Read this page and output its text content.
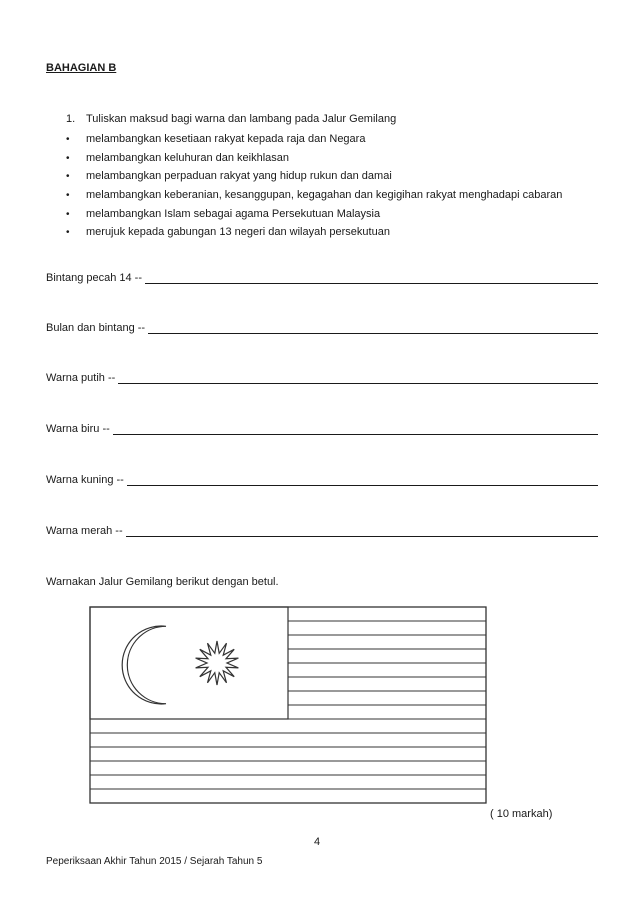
BAHAGIAN B
1. Tuliskan maksud bagi warna dan lambang pada Jalur Gemilang
• melambangkan kesetiaan rakyat kepada raja dan Negara
• melambangkan keluhuran dan keikhlasan
• melambangkan perpaduan rakyat yang hidup rukun dan damai
• melambangkan keberanian, kesanggupan, kegagahan dan kegigihan rakyat menghadapi cabaran
• melambangkan Islam sebagai agama Persekutuan Malaysia
• merujuk kepada gabungan 13 negeri dan wilayah persekutuan
Bintang pecah 14 --
Bulan dan bintang --
Warna putih --
Warna biru --
Warna kuning --
Warna merah --
Warnakan Jalur Gemilang berikut dengan betul.
( 10 markah)
4
Peperiksaan Akhir Tahun 2015 / Sejarah Tahun 5
